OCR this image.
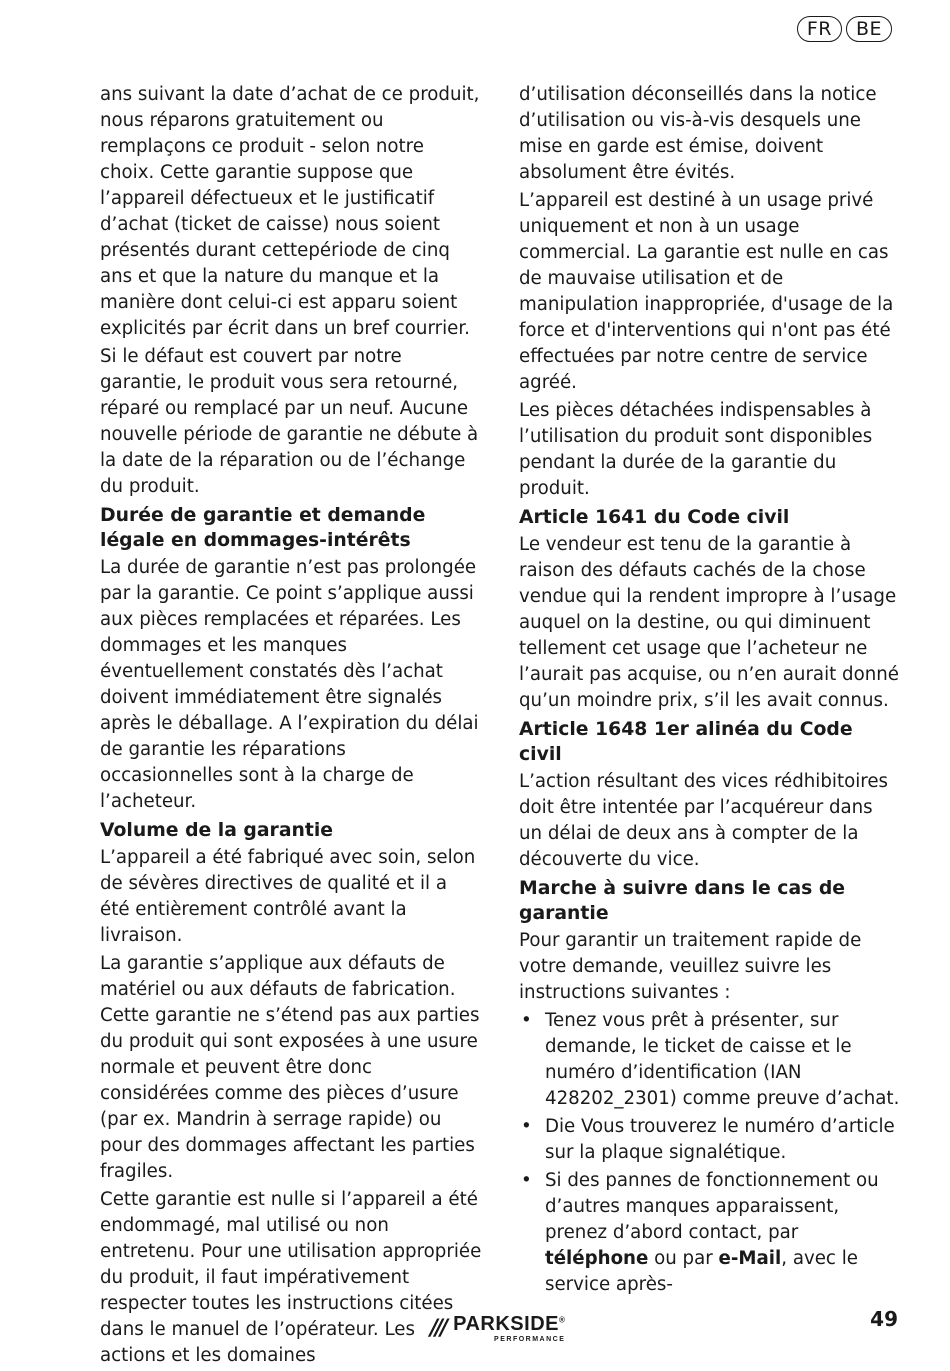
FR	BE

ans suivant la date d’achat de ce produit, nous réparons gratuitement ou remplaçons ce produit - selon notre choix. Cette garantie suppose que l’appareil défectueux et le justificatif d’achat (ticket de caisse) nous soient présentés durant cettepériode de cinq ans et que la nature du manque et la manière dont celui-ci est apparu soient explicités par écrit dans un bref courrier.

Si le défaut est couvert par notre garantie, le produit vous sera retourné, réparé ou remplacé par un neuf. Aucune nouvelle période de garantie ne débute à la date de la réparation ou de l’échange du produit.

Durée de garantie et demande légale en dommages-intérêts

La durée de garantie n’est pas prolongée par la garantie. Ce point s’applique aussi aux pièces remplacées et réparées. Les dommages et les manques éventuellement constatés dès l’achat doivent immédiatement être signalés après le déballage. A l’expiration du délai de garantie les réparations occasionnelles sont à la charge de l’acheteur.

Volume de la garantie

L’appareil a été fabriqué avec soin, selon de sévères directives de qualité et il a été entièrement contrôlé avant la livraison.

La garantie s’applique aux défauts de matériel ou aux défauts de fabrication. Cette garantie ne s’étend pas aux parties du produit qui sont exposées à une usure normale et peuvent être donc considérées comme des pièces d’usure (par ex. Mandrin à serrage rapide) ou pour des dommages affectant les parties fragiles.

Cette garantie est nulle si l’appareil a été endommagé, mal utilisé ou non entretenu. Pour une utilisation appropriée du produit, il faut impérativement respecter toutes les instructions citées dans le manuel de l’opérateur. Les actions et les domaines

d’utilisation déconseillés dans la notice d’utilisation ou vis-à-vis desquels une mise en garde est émise, doivent absolument être évités.

L’appareil est destiné à un usage privé uniquement et non à un usage commercial. La garantie est nulle en cas de mauvaise utilisation et de manipulation inappropriée, d'usage de la force et d'interventions qui n'ont pas été effectuées par notre centre de service agréé.

Les pièces détachées indispensables à l’utilisation du produit sont disponibles pendant la durée de la garantie du produit.

Article 1641 du Code civil

Le vendeur est tenu de la garantie à raison des défauts cachés de la chose vendue qui la rendent impropre à l’usage auquel on la destine, ou qui diminuent tellement cet usage que l’acheteur ne l’aurait pas acquise, ou n’en aurait donné qu’un moindre prix, s’il les avait connus.

Article 1648 1er alinéa du Code civil

L’action résultant des vices rédhibitoires doit être intentée par l’acquéreur dans un délai de deux ans à compter de la découverte du vice.

Marche à suivre dans le cas de garantie

Pour garantir un traitement rapide de votre demande, veuillez suivre les instructions suivantes :

• Tenez vous prêt à présenter, sur demande, le ticket de caisse et le numéro d’identification (IAN 428202_2301) comme preuve d’achat.
• Die Vous trouverez le numéro d’article sur la plaque signalétique.
• Si des pannes de fonctionnement ou d’autres manques apparaissent, prenez d’abord contact, par téléphone ou par e-Mail, avec le service après-
/// PARKSIDE®
PERFORMANCE
49
